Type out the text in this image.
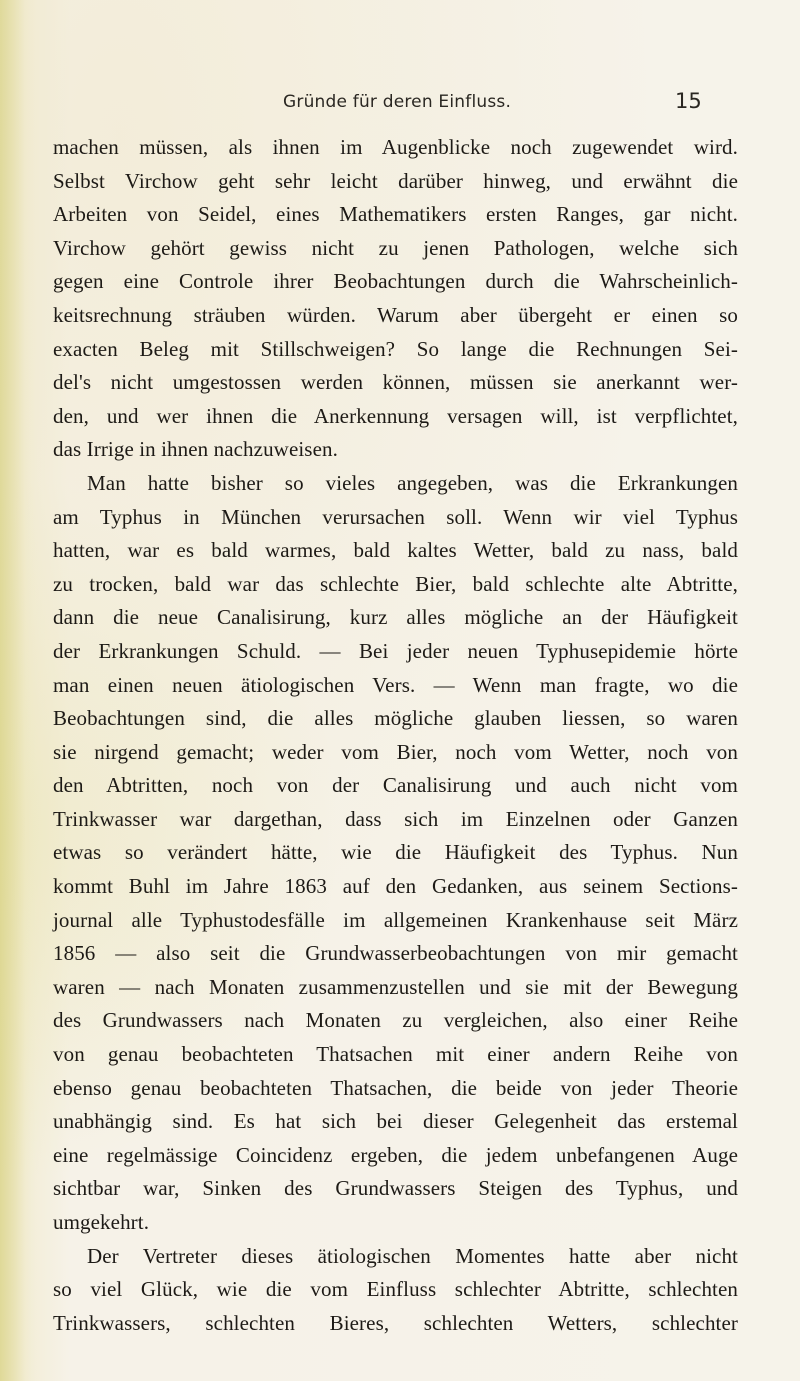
Gründe für deren Einfluss.	15
machen müssen, als ihnen im Augenblicke noch zugewendet wird.
Selbst Virchow geht sehr leicht darüber hinweg, und erwähnt die
Arbeiten von Seidel, eines Mathematikers ersten Ranges, gar nicht.
Virchow gehört gewiss nicht zu jenen Pathologen, welche sich
gegen eine Controle ihrer Beobachtungen durch die Wahrscheinlich-
keitsrechnung sträuben würden. Warum aber übergeht er einen so
exacten Beleg mit Stillschweigen? So lange die Rechnungen Sei-
del's nicht umgestossen werden können, müssen sie anerkannt wer-
den, und wer ihnen die Anerkennung versagen will, ist verpflichtet,
das Irrige in ihnen nachzuweisen.
Man hatte bisher so vieles angegeben, was die Erkrankungen
am Typhus in München verursachen soll. Wenn wir viel Typhus
hatten, war es bald warmes, bald kaltes Wetter, bald zu nass, bald
zu trocken, bald war das schlechte Bier, bald schlechte alte Abtritte,
dann die neue Canalisirung, kurz alles mögliche an der Häufigkeit
der Erkrankungen Schuld. — Bei jeder neuen Typhusepidemie hörte
man einen neuen ätiologischen Vers. — Wenn man fragte, wo die
Beobachtungen sind, die alles mögliche glauben liessen, so waren
sie nirgend gemacht; weder vom Bier, noch vom Wetter, noch von
den Abtritten, noch von der Canalisirung und auch nicht vom
Trinkwasser war dargethan, dass sich im Einzelnen oder Ganzen
etwas so verändert hätte, wie die Häufigkeit des Typhus. Nun
kommt Buhl im Jahre 1863 auf den Gedanken, aus seinem Sections-
journal alle Typhustodesfälle im allgemeinen Krankenhause seit März
1856 — also seit die Grundwasserbeobachtungen von mir gemacht
waren — nach Monaten zusammenzustellen und sie mit der Bewegung
des Grundwassers nach Monaten zu vergleichen, also einer Reihe
von genau beobachteten Thatsachen mit einer andern Reihe von
ebenso genau beobachteten Thatsachen, die beide von jeder Theorie
unabhängig sind. Es hat sich bei dieser Gelegenheit das erstemal
eine regelmässige Coincidenz ergeben, die jedem unbefangenen Auge
sichtbar war, Sinken des Grundwassers Steigen des Typhus, und
umgekehrt.
Der Vertreter dieses ätiologischen Momentes hatte aber nicht
so viel Glück, wie die vom Einfluss schlechter Abtritte, schlechten
Trinkwassers, schlechten Bieres, schlechten Wetters, schlechter
